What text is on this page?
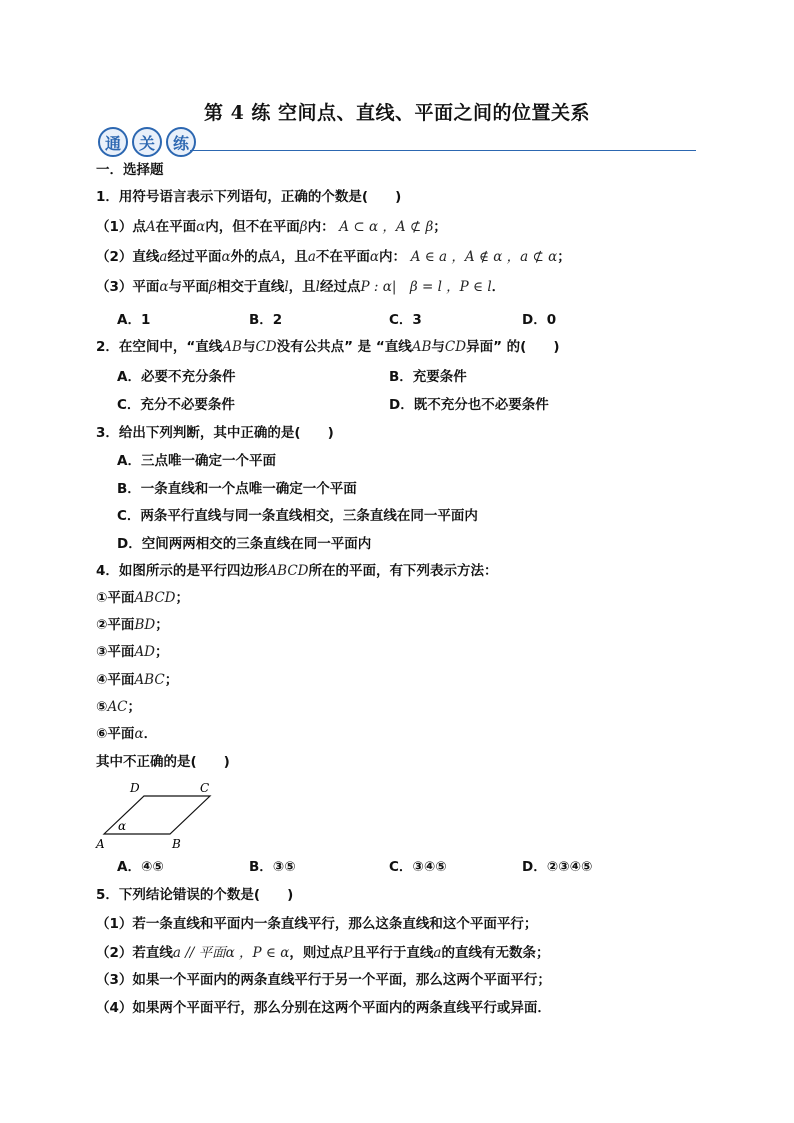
第 4 练 空间点、直线、平面之间的位置关系
通	关	练
一．选择题
1．用符号语言表示下列语句，正确的个数是(　　)
（1）点A在平面α内，但不在平面β内： A ⊂ α ，A ⊄ β；
（2）直线a经过平面α外的点A，且a不在平面α内： A ∈ a ，A ∉ α ，a ⊄ α；
（3）平面α与平面β相交于直线l，且l经过点P : α|　β = l ，P ∈ l．
A．1	B．2	C．3	D．0
2．在空间中，“直线AB与CD没有公共点” 是 “直线AB与CD异面” 的(　　)
A．必要不充分条件	B．充要条件
C．充分不必要条件	D．既不充分也不必要条件
3．给出下列判断，其中正确的是(　　)
A．三点唯一确定一个平面
B．一条直线和一个点唯一确定一个平面
C．两条平行直线与同一条直线相交，三条直线在同一平面内
D．空间两两相交的三条直线在同一平面内
4．如图所示的是平行四边形ABCD所在的平面，有下列表示方法：
①平面ABCD；
②平面BD；
③平面AD；
④平面ABC；
⑤AC；
⑥平面α．
其中不正确的是(　　)
D	C
A	B
α
A．④⑤	B．③⑤	C．③④⑤	D．②③④⑤
5．下列结论错误的个数是(　　)
（1）若一条直线和平面内一条直线平行，那么这条直线和这个平面平行；
（2）若直线a // 平面α ，P ∈ α，则过点P且平行于直线a的直线有无数条；
（3）如果一个平面内的两条直线平行于另一个平面，那么这两个平面平行；
（4）如果两个平面平行，那么分别在这两个平面内的两条直线平行或异面．
